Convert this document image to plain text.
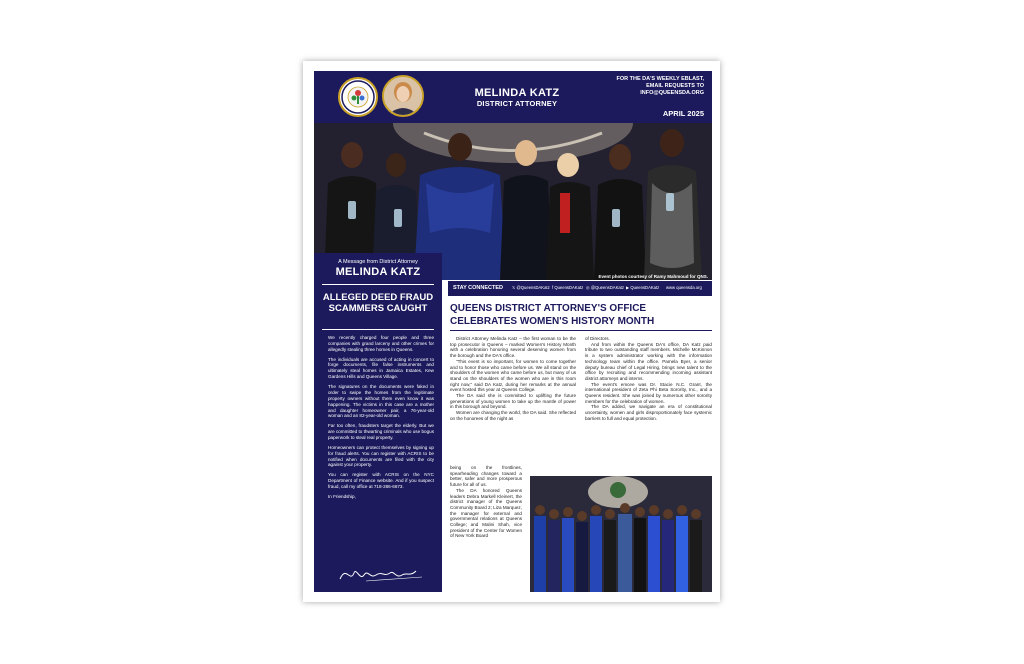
MELINDA KATZ
DISTRICT ATTORNEY
FOR THE DA'S WEEKLY EBLAST,
EMAIL REQUESTS TO
INFO@QUEENSDA.ORG
APRIL 2025
Event photos courtesy of Ramy Mahmoud for QNS.
STAY CONNECTED 𝕏 @QueensDAKatz f QueensDAKatz ◎ @QueensDAKatz ▶ QueensDAKatz www queensda.org
A Message from District Attorney
MELINDA KATZ
ALLEGED DEED FRAUD SCAMMERS CAUGHT

We recently charged four people and three companies with grand larceny and other crimes for allegedly stealing three homes in Queens.

The individuals are accused of acting in concert to forge documents, file false instruments and ultimately steal homes in Jamaica Estates, Kew Gardens Hills and Queens Village.

The signatures on the documents were faked in order to swipe the homes from the legitimate property owners without them even know it was happening. The victims in this case are a mother and daughter homeowner pair, a 76-year-old woman and an 82-year-old woman.

Far too often, fraudsters target the elderly. But we are committed to thwarting criminals who use bogus paperwork to steal real property.

Homeowners can protect themselves by signing up for fraud alerts. You can register with ACRIS to be notified when documents are filed with the city against your property.

You can register with ACRIS on the NYC Department of Finance website. And if you suspect fraud, call my office at 718-286-6673.

In Friendship,

QUEENS DISTRICT ATTORNEY'S OFFICE
CELEBRATES WOMEN'S HISTORY MONTH

District Attorney Melinda Katz – the first woman to be the top prosecutor in Queens – marked Women's History Month with a celebration honoring several deserving women from the borough and the DA's office.

"This event is so important, for women to come together and to honor those who came before us. We all stand on the shoulders of the women who came before us, but many of us stand on the shoulders of the women who are in this room right now," said DA Katz, during her remarks at the annual event hosted this year at Queens College.

The DA said she is committed to uplifting the future generations of young women to take up the mantle of power in this borough and beyond.

Women are changing the world, the DA said. She reflected on the honorees of the night as

being on the frontlines, spearheading changes toward a better, safer and more prosperous future for all of us.

The DA honored Queens leaders Debra Markell Kleinert, the district manager of the Queens Community Board 2; Liza Marquez, the manager for external and governmental relations at Queens College; and Malini Shah, vice president of the Center for Women of New York Board

of Directors.

And from within the Queens DA's office, DA Katz paid tribute to two outstanding staff members. Michelle McKinnon is a system administrator working with the information technology team within the office. Pamela Byer, a senior deputy bureau chief of Legal Hiring, brings new talent to the office by recruiting and recommending incoming assistant district attorneys and interns.

The event's emcee was Dr. Stacie N.C. Grant, the international president of Zeta Phi Beta Sorority, Inc., and a Queens resident. She was joined by numerous other sorority members for the celebration of women.

The DA added, we navigate an era of constitutional uncertainty, women and girls disproportionately face systemic barriers to full and equal protection.
